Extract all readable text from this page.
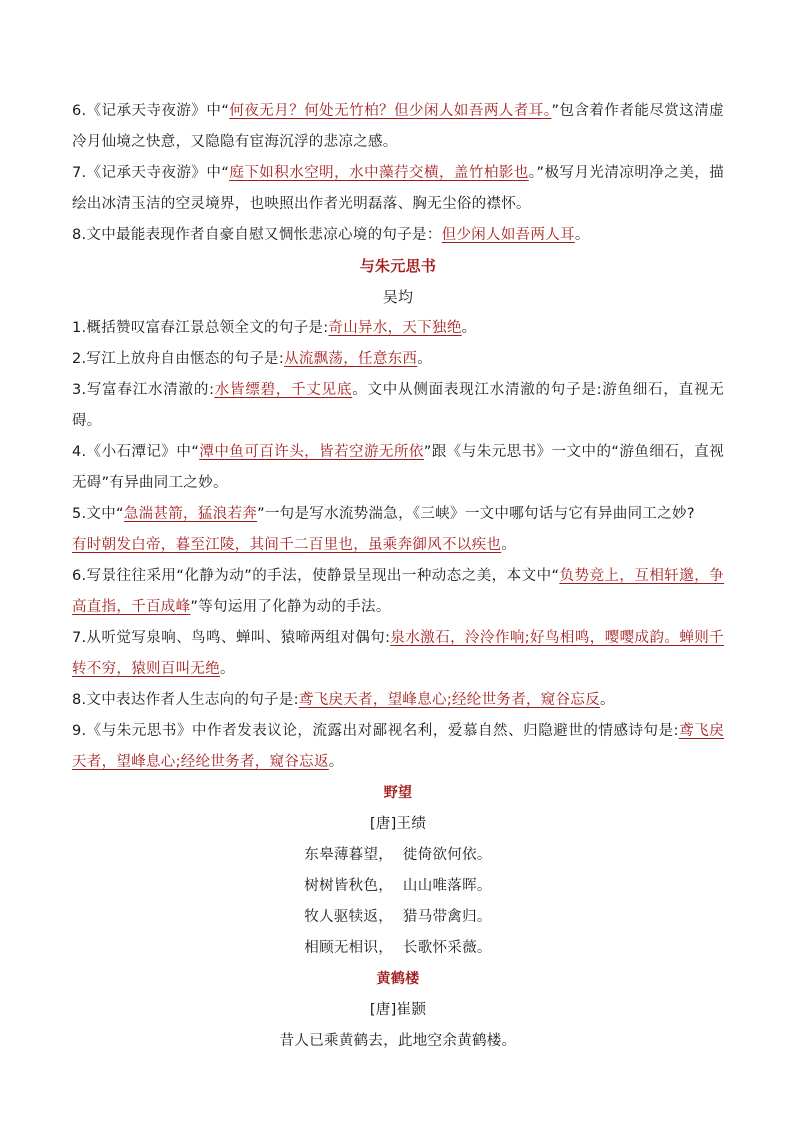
6.《记承天寺夜游》中“何夜无月？何处无竹柏？但少闲人如吾两人者耳。”包含着作者能尽赏这清虚冷月仙境之快意，又隐隐有宦海沉浮的悲凉之感。

7.《记承天寺夜游》中“庭下如积水空明，水中藻荇交横，盖竹柏影也。”极写月光清凉明净之美，描绘出冰清玉洁的空灵境界，也映照出作者光明磊落、胸无尘俗的襟怀。

8.文中最能表现作者自豪自慰又惆怅悲凉心境的句子是：但少闲人如吾两人耳。

与朱元思书

吴均

1.概括赞叹富春江景总领全文的句子是:奇山异水，天下独绝。

2.写江上放舟自由惬态的句子是:从流飘荡，任意东西。

3.写富春江水清澈的:水皆缥碧，千丈见底。文中从侧面表现江水清澈的句子是:游鱼细石，直视无碍。

4.《小石潭记》中“潭中鱼可百许头，皆若空游无所依”跟《与朱元思书》一文中的“游鱼细石，直视无碍”有异曲同工之妙。

5.文中“急湍甚箭，猛浪若奔”一句是写水流势湍急，《三峡》一文中哪句话与它有异曲同工之妙?

有时朝发白帝，暮至江陵，其间千二百里也，虽乘奔御风不以疾也。

6.写景往往采用“化静为动”的手法，使静景呈现出一种动态之美，本文中“负势竞上，互相轩邈，争高直指，千百成峰”等句运用了化静为动的手法。

7.从听觉写泉响、鸟鸣、蝉叫、猿啼两组对偶句:泉水激石，泠泠作响;好鸟相鸣，嘤嘤成韵。蝉则千转不穷，猿则百叫无绝。

8.文中表达作者人生志向的句子是:鸢飞戾天者，望峰息心;经纶世务者，窥谷忘反。

9.《与朱元思书》中作者发表议论，流露出对鄙视名利，爱慕自然、归隐避世的情感诗句是:鸢飞戾天者，望峰息心;经纶世务者，窥谷忘返。

野望

[唐]王绩

东皋薄暮望，  徙倚欲何依。

树树皆秋色，  山山唯落晖。

牧人驱犊返，  猎马带禽归。

相顾无相识，  长歌怀采薇。

黄鹤楼

[唐]崔颢

昔人已乘黄鹤去，此地空余黄鹤楼。
